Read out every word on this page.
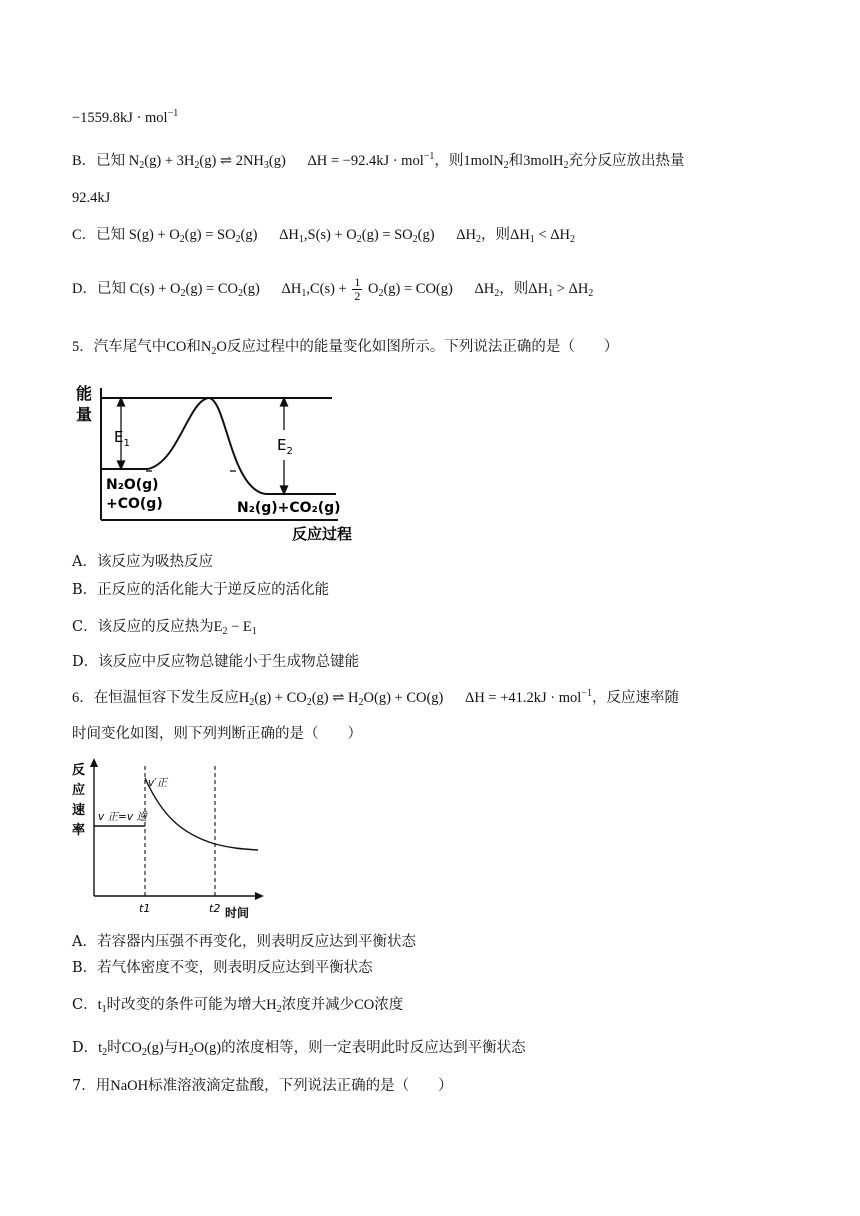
−1559.8kJ · mol$^{-1}$
B．已知 $N_2(g) + 3H_2(g)$ ⇌ $2NH_3(g) \Delta H = -92.4kJ \cdot mol^{-1}$，则1molN$_2$和3molH$_2$充分反应放出热量
92.4kJ
C．已知 $S(g) + O_2(g) = SO_2(g) \Delta H_1,S(s) + O_2(g) = SO_2(g)$ $\Delta H_2$，则$\Delta H_1 < \Delta H_2$
D．已知 $C(s) + O_2(g) = CO_2(g) \Delta H_1,C(s) + \frac{1}{2} O_2(g) = CO(g)$ $\Delta H_2$，则$\Delta H_1 > \Delta H_2$
5．汽车尾气中CO和$N_2O$反应过程中的能量变化如图所示。下列说法正确的是（　　）
能
量
$E_1$	$E_2$
N₂O(g)
+CO(g)	N₂(g)+CO₂(g)
反应过程
A．该反应为吸热反应
B．正反应的活化能大于逆反应的活化能
C．该反应的反应热为$E_2 - E_1$
D．该反应中反应物总键能小于生成物总键能
6．在恒温恒容下发生反应$H_2(g) + CO_2(g)$ ⇌ $H_2O(g) + CO(g) \Delta H = +41.2kJ \cdot mol^{-1}$，反应速率随
时间变化如图，则下列判断正确的是（　　）
反
应
速
率
v 正=v 逆
v′正
t1	t2 时间
A．若容器内压强不再变化，则表明反应达到平衡状态
B．若气体密度不变，则表明反应达到平衡状态
C．$t_1$时改变的条件可能为增大$H_2$浓度并减少CO浓度
D．$t_2$时$CO_2(g)$与$H_2O(g)$的浓度相等，则一定表明此时反应达到平衡状态
7．用NaOH标准溶液滴定盐酸，下列说法正确的是（　　）
